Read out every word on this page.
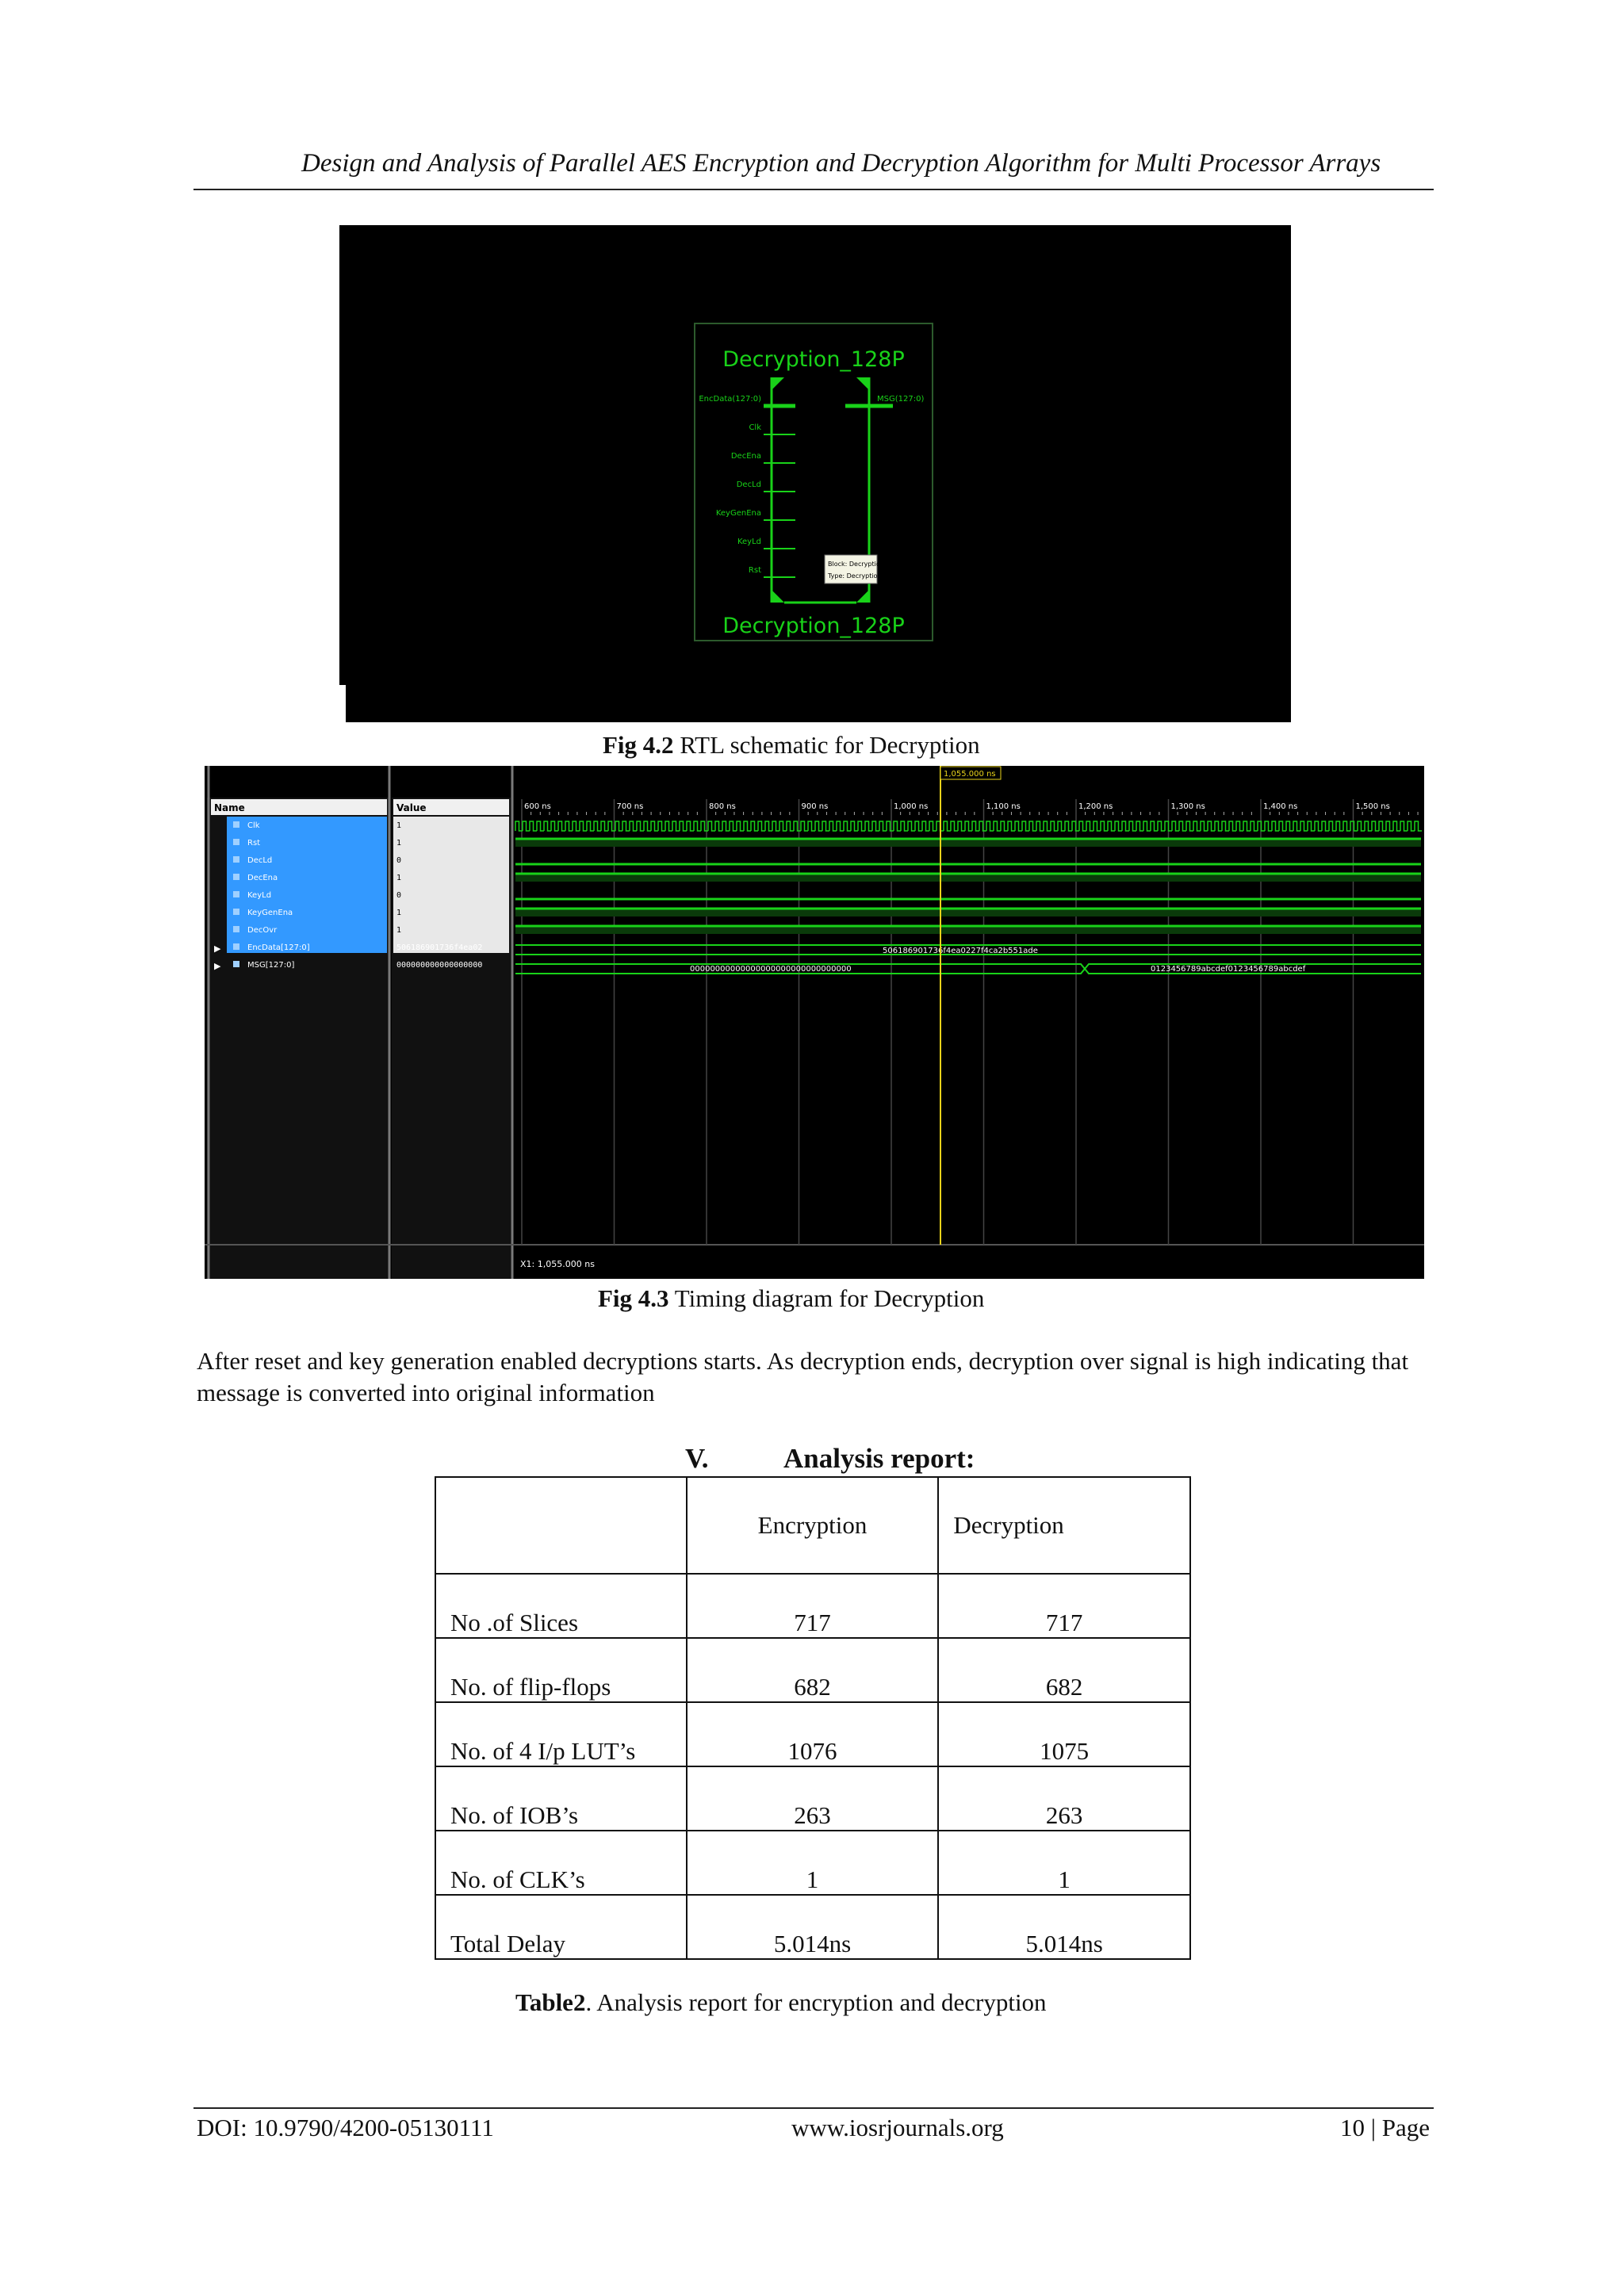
Design and Analysis of Parallel AES Encryption and Decryption Algorithm for Multi Processor Arrays
Decryption_128P
Decryption_128P
EncData(127:0)
Clk
DecEna
DecLd
KeyGenEna
KeyLd
Rst
MSG(127:0)
Block: Decryption_128P
Type: Decryption_128P
Fig 4.2 RTL schematic for Decryption
Name	Value
Clk
Rst
DecLd
DecEna
KeyLd
KeyGenEna
DecOvr
EncData[127:0]
▶
MSG[127:0]
▶
1
1
0
1
0
1
1
506186901736f4ea02
000000000000000000
600 ns	700 ns	800 ns	900 ns	1,000 ns	1,100 ns	1,200 ns	1,300 ns	1,400 ns	1,500 ns
506186901736f4ea0227f4ca2b551ade
00000000000000000000000000000000	0123456789abcdef0123456789abcdef
1,055.000 ns
X1: 1,055.000 ns
Fig 4.3 Timing diagram for Decryption
After reset and key generation enabled decryptions starts. As decryption ends, decryption over signal is high indicating that message is converted into original information
V.	Analysis report:
	Encryption	Decryption
No .of Slices	717	717
No. of flip-flops	682	682
No. of 4 I/p LUT’s	1076	1075
No. of IOB’s	263	263
No. of CLK’s	1	1
Total Delay	5.014ns	5.014ns
Table2. Analysis report for encryption and decryption
DOI: 10.9790/4200-05130111	www.iosrjournals.org	10 | Page
